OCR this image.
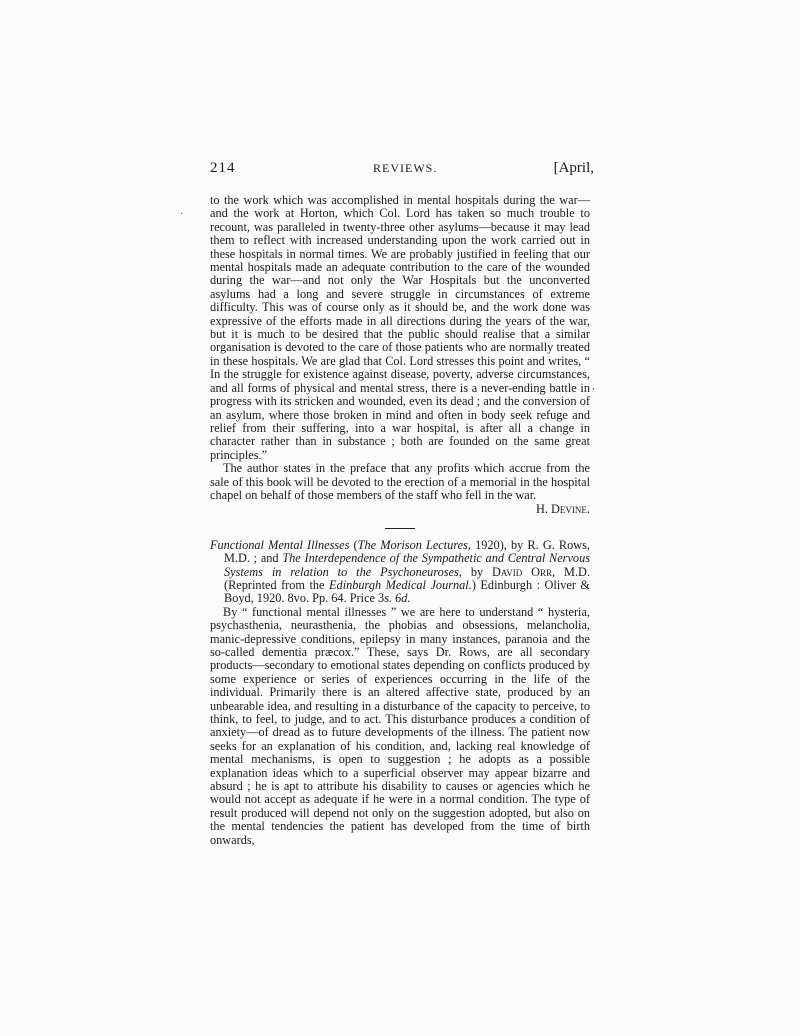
214	REVIEWS.	[April,
·
,

to the work which was accomplished in mental hospitals during the war—and the work at Horton, which Col. Lord has taken so much trouble to recount, was paralleled in twenty-three other asylums—because it may lead them to reflect with increased understanding upon the work carried out in these hospitals in normal times. We are probably justified in feeling that our mental hospitals made an adequate contribution to the care of the wounded during the war—and not only the War Hospitals but the unconverted asylums had a long and severe struggle in circumstances of extreme difficulty. This was of course only as it should be, and the work done was expressive of the efforts made in all directions during the years of the war, but it is much to be desired that the public should realise that a similar organisation is devoted to the care of those patients who are normally treated in these hospitals. We are glad that Col. Lord stresses this point and writes, “ In the struggle for existence against disease, poverty, adverse circumstances, and all forms of physical and mental stress, there is a never-ending battle in progress with its stricken and wounded, even its dead ; and the conversion of an asylum, where those broken in mind and often in body seek refuge and relief from their suffering, into a war hospital, is after all a change in character rather than in substance ; both are founded on the same great principles.”

The author states in the preface that any profits which accrue from the sale of this book will be devoted to the erection of a memorial in the hospital chapel on behalf of those members of the staff who fell in the war.

H. Devine.

Functional Mental Illnesses (The Morison Lectures, 1920), by R. G. Rows, M.D. ; and The Interdependence of the Sympathetic and Central Nervous Systems in relation to the Psychoneuroses, by David Orr, M.D. (Reprinted from the Edinburgh Medical Journal.) Edinburgh : Oliver & Boyd, 1920. 8vo. Pp. 64. Price 3s. 6d.

By “ functional mental illnesses ” we are here to understand “ hysteria, psychasthenia, neurasthenia, the phobias and obsessions, melancholia, manic-depressive conditions, epilepsy in many instances, paranoia and the so-called dementia præcox.” These, says Dr. Rows, are all secondary products—secondary to emotional states depending on conflicts produced by some experience or series of experiences occurring in the life of the individual. Primarily there is an altered affective state, produced by an unbearable idea, and resulting in a disturbance of the capacity to perceive, to think, to feel, to judge, and to act. This disturbance produces a condition of anxiety—of dread as to future developments of the illness. The patient now seeks for an explanation of his condition, and, lacking real knowledge of mental mechanisms, is open to suggestion ; he adopts as a possible explanation ideas which to a superficial observer may appear bizarre and absurd ; he is apt to attribute his disability to causes or agencies which he would not accept as adequate if he were in a normal condition. The type of result produced will depend not only on the suggestion adopted, but also on the mental tendencies the patient has developed from the time of birth onwards,
